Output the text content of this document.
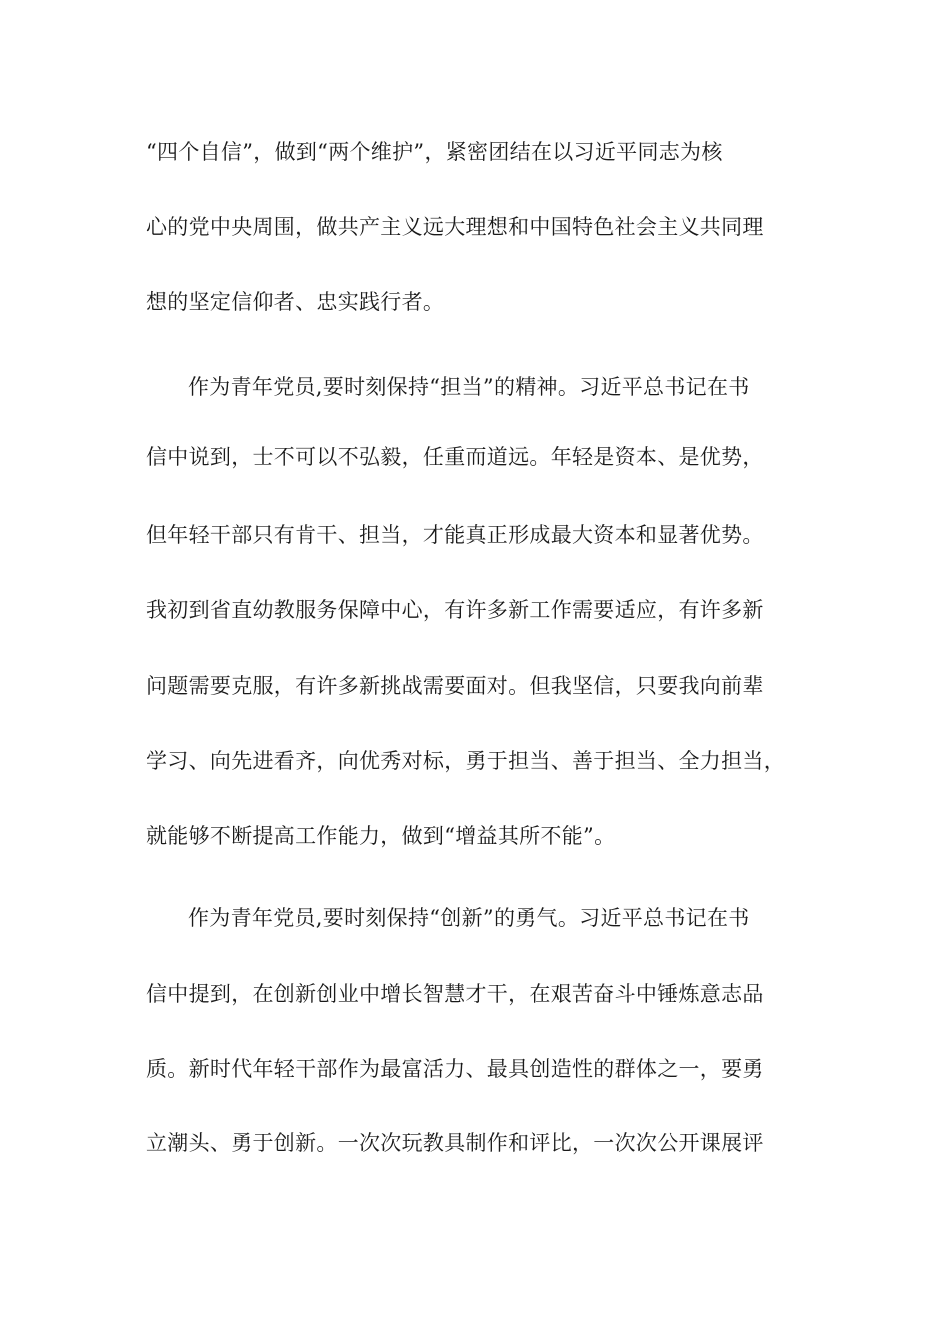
“四个自信”，做到“两个维护”，紧密团结在以习近平同志为核
心的党中央周围，做共产主义远大理想和中国特色社会主义共同理
想的坚定信仰者、忠实践行者。
作为青年党员,要时刻保持“担当”的精神。习近平总书记在书
信中说到，士不可以不弘毅，任重而道远。年轻是资本、是优势，
但年轻干部只有肯干、担当，才能真正形成最大资本和显著优势。
我初到省直幼教服务保障中心，有许多新工作需要适应，有许多新
问题需要克服，有许多新挑战需要面对。但我坚信，只要我向前辈
学习、向先进看齐，向优秀对标，勇于担当、善于担当、全力担当，
就能够不断提高工作能力，做到“增益其所不能”。
作为青年党员,要时刻保持“创新”的勇气。习近平总书记在书
信中提到，在创新创业中增长智慧才干，在艰苦奋斗中锤炼意志品
质。新时代年轻干部作为最富活力、最具创造性的群体之一，要勇
立潮头、勇于创新。一次次玩教具制作和评比，一次次公开课展评
